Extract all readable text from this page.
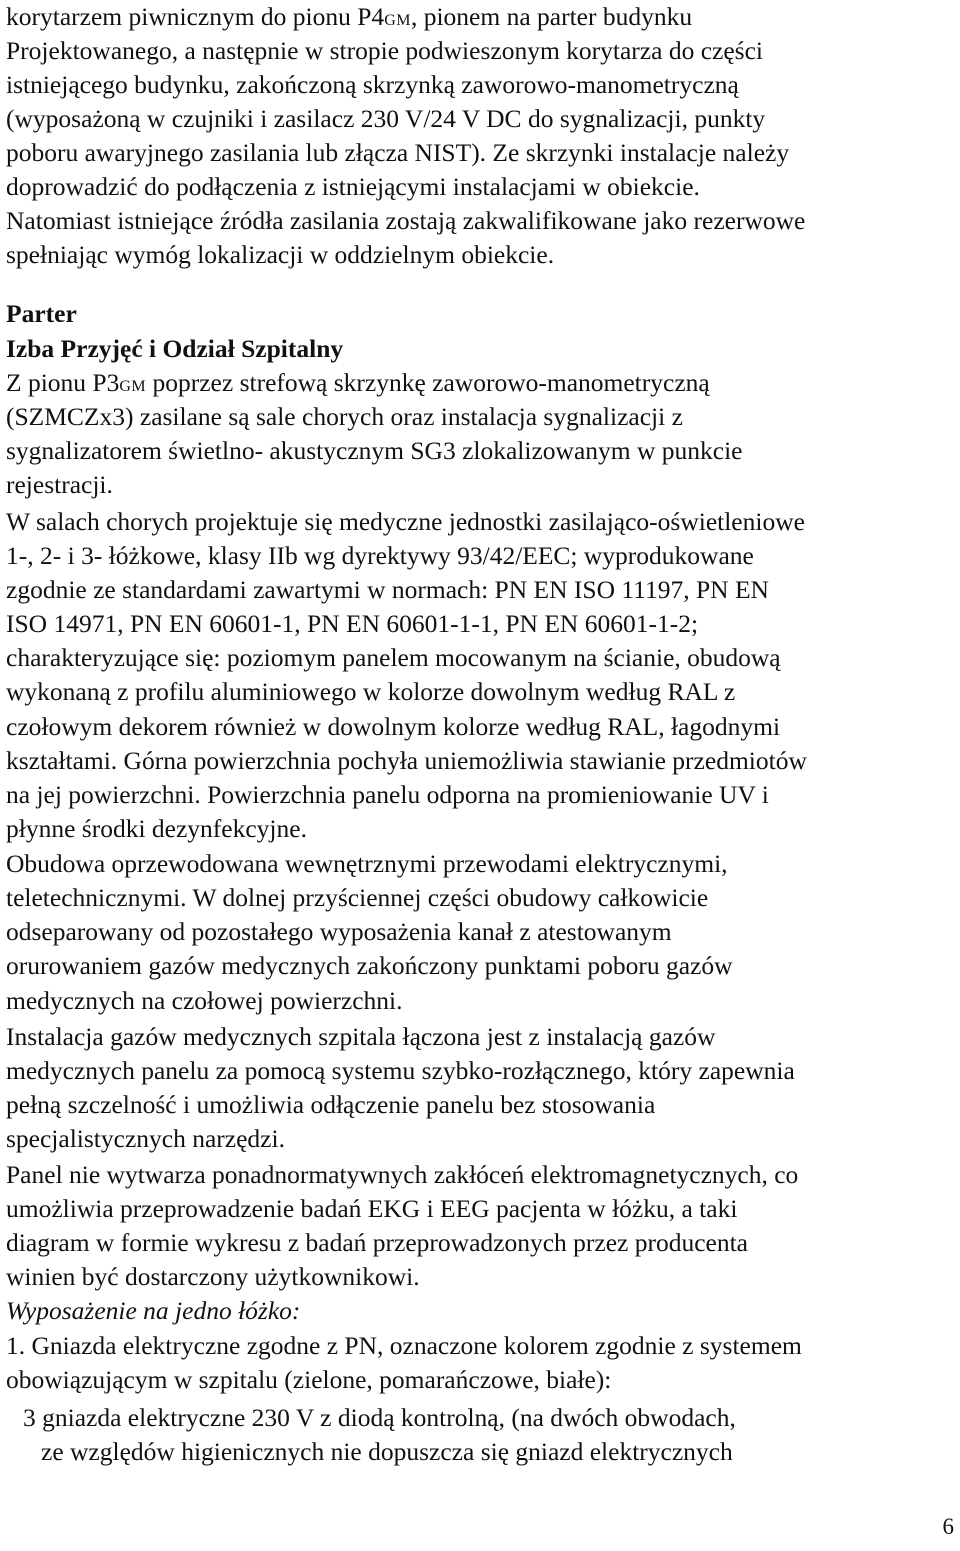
korytarzem piwnicznym do pionu P4GM, pionem na parter budynku
Projektowanego, a następnie w stropie podwieszonym korytarza do części
istniejącego budynku, zakończoną skrzynką zaworowo-manometryczną
(wyposażoną w czujniki i zasilacz 230 V/24 V DC do sygnalizacji, punkty
poboru awaryjnego zasilania lub złącza NIST). Ze skrzynki instalacje należy
doprowadzić do podłączenia z istniejącymi instalacjami w obiekcie.
Natomiast istniejące źródła zasilania zostają zakwalifikowane jako rezerwowe
spełniając wymóg lokalizacji w oddzielnym obiekcie.
Parter
Izba Przyjęć i Odział Szpitalny
Z pionu P3GM poprzez strefową skrzynkę zaworowo-manometryczną
(SZMCZx3) zasilane są sale chorych oraz instalacja sygnalizacji z
sygnalizatorem świetlno- akustycznym SG3 zlokalizowanym w punkcie
rejestracji.
W salach chorych projektuje się medyczne jednostki zasilająco-oświetleniowe
1-, 2- i 3- łóżkowe, klasy IIb wg dyrektywy 93/42/EEC; wyprodukowane
zgodnie ze standardami zawartymi w normach: PN EN ISO 11197, PN EN
ISO 14971, PN EN 60601-1, PN EN 60601-1-1, PN EN 60601-1-2;
charakteryzujące się: poziomym panelem mocowanym na ścianie, obudową
wykonaną z profilu aluminiowego w kolorze dowolnym według RAL z
czołowym dekorem również w dowolnym kolorze według RAL, łagodnymi
kształtami. Górna powierzchnia pochyła uniemożliwia stawianie przedmiotów
na jej powierzchni. Powierzchnia panelu odporna na promieniowanie UV i
płynne środki dezynfekcyjne.
Obudowa oprzewodowana wewnętrznymi przewodami elektrycznymi,
teletechnicznymi. W dolnej przyściennej części obudowy całkowicie
odseparowany od pozostałego wyposażenia kanał z atestowanym
orurowaniem gazów medycznych zakończony punktami poboru gazów
medycznych na czołowej powierzchni.
Instalacja gazów medycznych szpitala łączona jest z instalacją gazów
medycznych panelu za pomocą systemu szybko-rozłącznego, który zapewnia
pełną szczelność i umożliwia odłączenie panelu bez stosowania
specjalistycznych narzędzi.
Panel nie wytwarza ponadnormatywnych zakłóceń elektromagnetycznych, co
umożliwia przeprowadzenie badań EKG i EEG pacjenta w łóżku, a taki
diagram w formie wykresu z badań przeprowadzonych przez producenta
winien być dostarczony użytkownikowi.
Wyposażenie na jedno łóżko:
1. Gniazda elektryczne zgodne z PN, oznaczone kolorem zgodnie z systemem
obowiązującym w szpitalu (zielone, pomarańczowe, białe):
3 gniazda elektryczne 230 V z diodą kontrolną, (na dwóch obwodach,
ze względów higienicznych nie dopuszcza się gniazd elektrycznych
6
